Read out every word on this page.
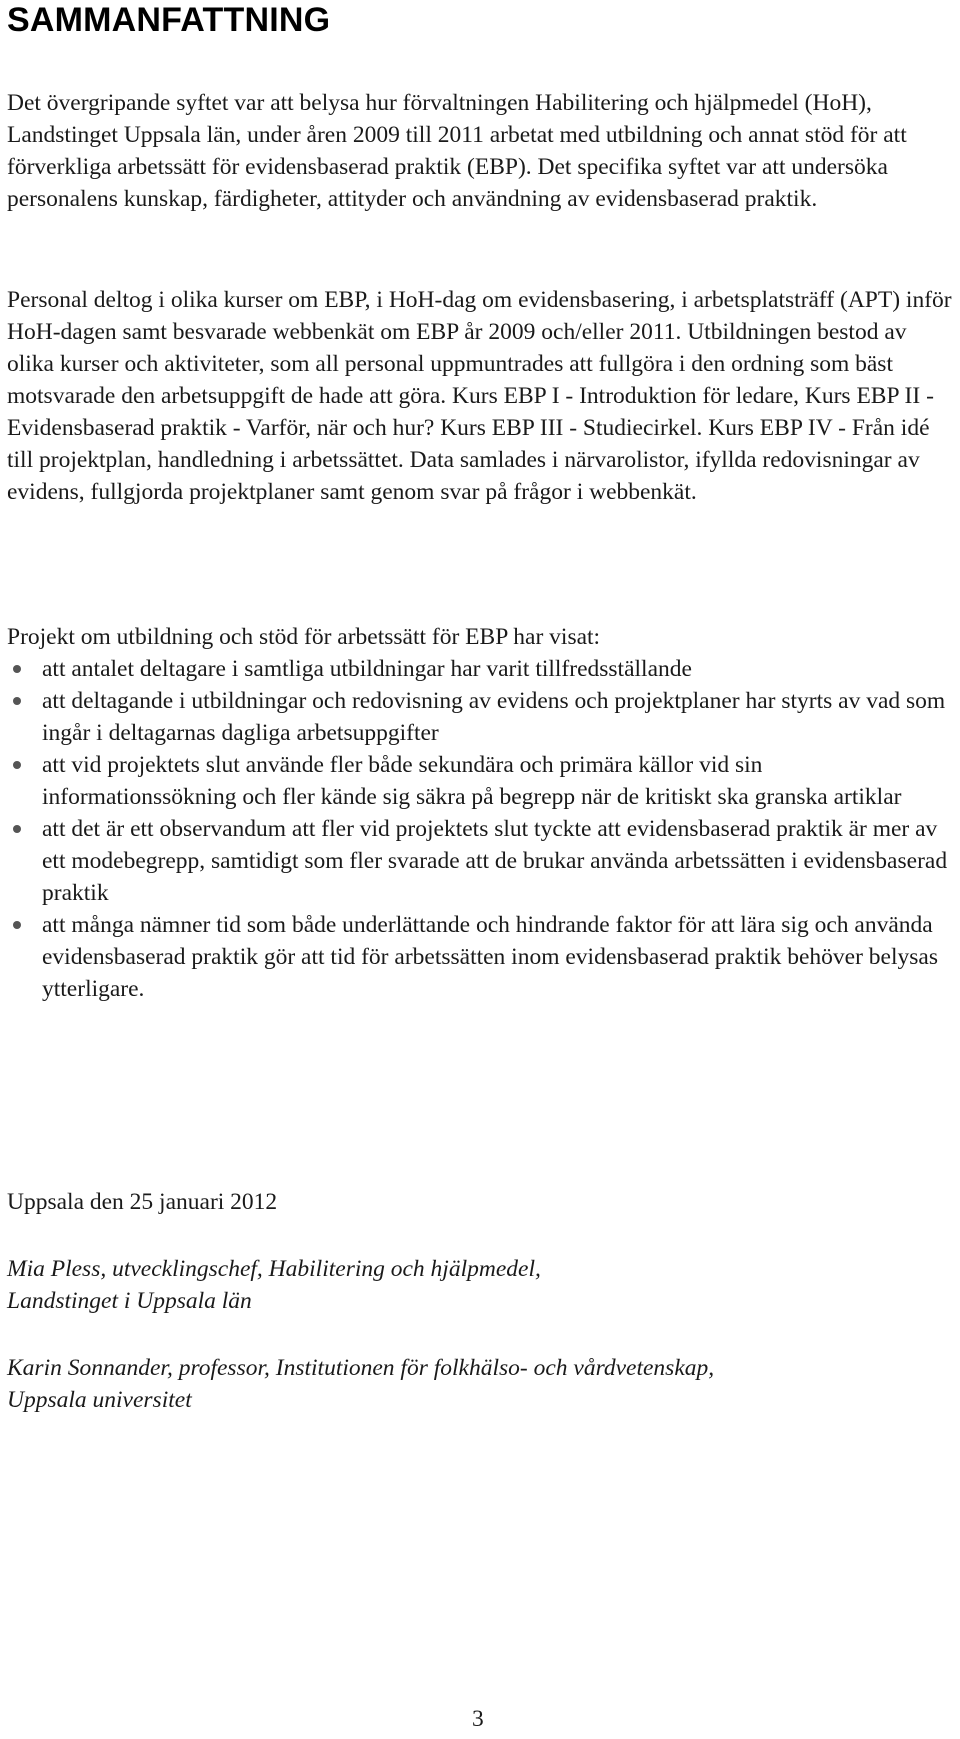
SAMMANFATTNING

Det övergripande syftet var att belysa hur förvaltningen Habilitering och hjälpmedel (HoH), Landstinget Uppsala län, under åren 2009 till 2011 arbetat med utbildning och annat stöd för att förverkliga arbetssätt för evidensbaserad praktik (EBP). Det specifika syftet var att undersöka personalens kunskap, färdigheter, attityder och användning av evidensbaserad praktik.

Personal deltog i olika kurser om EBP, i HoH-dag om evidensbasering, i arbetsplatsträff (APT) inför HoH-dagen samt besvarade webbenkät om EBP år 2009 och/eller 2011. Utbildningen bestod av olika kurser och aktiviteter, som all personal uppmuntrades att fullgöra i den ordning som bäst motsvarade den arbetsuppgift de hade att göra. Kurs EBP I - Introduktion för ledare, Kurs EBP II - Evidensbaserad praktik - Varför, när och hur? Kurs EBP III - Studiecirkel. Kurs EBP IV - Från idé till projektplan, handledning i arbetssättet. Data samlades i närvarolistor, ifyllda redovisningar av evidens, fullgjorda projektplaner samt genom svar på frågor i webbenkät.

Projekt om utbildning och stöd för arbetssätt för EBP har visat:

att antalet deltagare i samtliga utbildningar har varit tillfredsställande
att deltagande i utbildningar och redovisning av evidens och projektplaner har styrts av vad som ingår i deltagarnas dagliga arbetsuppgifter
att vid projektets slut använde fler både sekundära och primära källor vid sin informationssökning och fler kände sig säkra på begrepp när de kritiskt ska granska artiklar
att det är ett observandum att fler vid projektets slut tyckte att evidensbaserad praktik är mer av ett modebegrepp, samtidigt som fler svarade att de brukar använda arbetssätten i evidensbaserad praktik
att många nämner tid som både underlättande och hindrande faktor för att lära sig och använda evidensbaserad praktik gör att tid för arbetssätten inom evidensbaserad praktik behöver belysas ytterligare.

Uppsala den 25 januari 2012

Mia Pless, utvecklingschef, Habilitering och hjälpmedel,
Landstinget i Uppsala län
Karin Sonnander, professor, Institutionen för folkhälso- och vårdvetenskap,
Uppsala universitet

3
